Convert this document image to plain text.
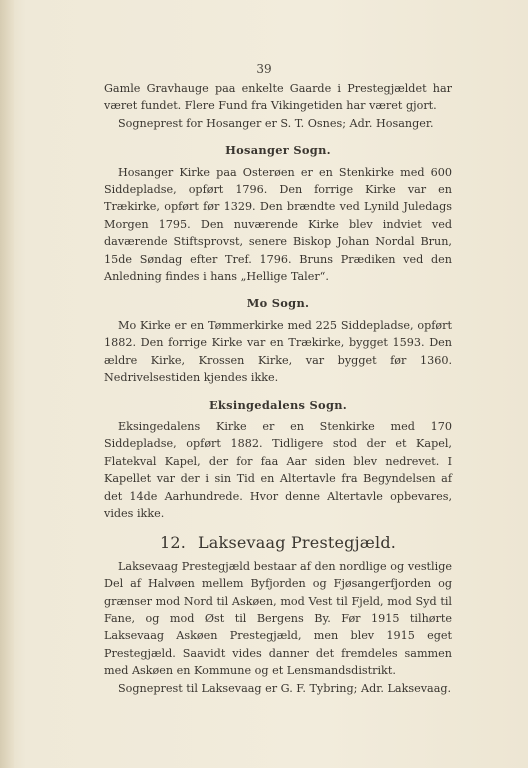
39

Gamle Gravhauge paa enkelte Gaarde i Prestegjældet har været fundet. Flere Fund fra Vikingetiden har været gjort.

Sogneprest for Hosanger er S. T. Osnes; Adr. Hosanger.

Hosanger Sogn.

Hosanger Kirke paa Osterøen er en Stenkirke med 600 Siddepladse, opført 1796. Den forrige Kirke var en Trækirke, opført før 1329. Den brændte ved Lynild Juledags Morgen 1795. Den nuværende Kirke blev indviet ved daværende Stiftsprovst, senere Biskop Johan Nordal Brun, 15de Søndag efter Tref. 1796. Bruns Prædiken ved den Anledning findes i hans „Hellige Taler“.

Mo Sogn.

Mo Kirke er en Tømmerkirke med 225 Siddepladse, opført 1882. Den forrige Kirke var en Trækirke, bygget 1593. Den ældre Kirke, Krossen Kirke, var bygget før 1360. Nedrivelsestiden kjendes ikke.

Eksingedalens Sogn.

Eksingedalens Kirke er en Stenkirke med 170 Siddepladse, opført 1882. Tidligere stod der et Kapel, Flatekval Kapel, der for faa Aar siden blev nedrevet. I Kapellet var der i sin Tid en Altertavle fra Begyndelsen af det 14de Aarhundrede. Hvor denne Altertavle opbevares, vides ikke.

12. Laksevaag Prestegjæld.

Laksevaag Prestegjæld bestaar af den nordlige og vestlige Del af Halvøen mellem Byfjorden og Fjøsangerfjorden og grænser mod Nord til Askøen, mod Vest til Fjeld, mod Syd til Fane, og mod Øst til Bergens By. Før 1915 tilhørte Laksevaag Askøen Prestegjæld, men blev 1915 eget Prestegjæld. Saavidt vides danner det fremdeles sammen med Askøen en Kommune og et Lensmandsdistrikt.

Sogneprest til Laksevaag er G. F. Tybring; Adr. Laksevaag.
